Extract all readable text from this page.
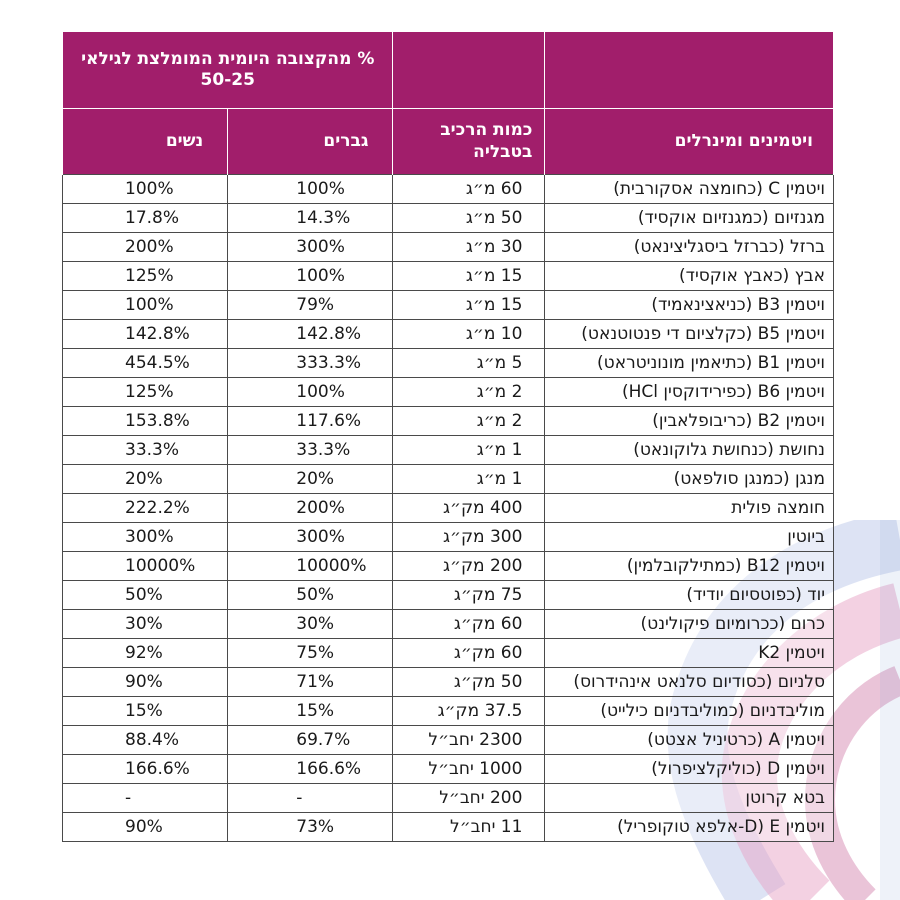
		% מהקצובה היומית המומלצת לגילאי 50-25	
ויטמינים ומינרלים	כמות הרכיב בטבליה	גברים	נשים
ויטמין C (כחומצה אסקורבית)	60 מ״ג	100%	100%
מגנזיום (כמגנזיום אוקסיד)	50 מ״ג	14.3%	17.8%
ברזל (כברזל ביסגליצינאט)	30 מ״ג	300%	200%
אבץ (כאבץ אוקסיד)	15 מ״ג	100%	125%
ויטמין B3 (כניאצינאמיד)	15 מ״ג	79%	100%
ויטמין B5 (כקלציום די פנטוטנאט)	10 מ״ג	142.8%	142.8%
ויטמין B1 (כתיאמין מונוניטראט)	5 מ״ג	333.3%	454.5%
ויטמין B6 (כפירידוקסין HCl)	2 מ״ג	100%	125%
ויטמין B2 (כריבופלאבין)	2 מ״ג	117.6%	153.8%
נחושת (כנחושת גלוקונאט)	1 מ״ג	33.3%	33.3%
מנגן (כמנגן סולפאט)	1 מ״ג	20%	20%
חומצה פולית	400 מק״ג	200%	222.2%
ביוטין	300 מק״ג	300%	300%
ויטמין B12 (כמתילקובלמין)	200 מק״ג	10000%	10000%
יוד (כפוטסיום יודיד)	75 מק״ג	50%	50%
כרום (ככרומיום פיקולינט)	60 מק״ג	30%	30%
ויטמין K2	60 מק״ג	75%	92%
סלניום (כסודיום סלנאט אינהידרוס)	50 מק״ג	71%	90%
מוליבדניום (כמוליבדניום כילייט)	37.5 מק״ג	15%	15%
ויטמין A (כרטיניל אצטט)	2300 יחב״ל	69.7%	88.4%
ויטמין D (כוליקלציפרול)	1000 יחב״ל	166.6%	166.6%
בטא קרוטן	200 יחב״ל	-	-
ויטמין E (D-אלפא טוקופריל)	11 יחב״ל	73%	90%
